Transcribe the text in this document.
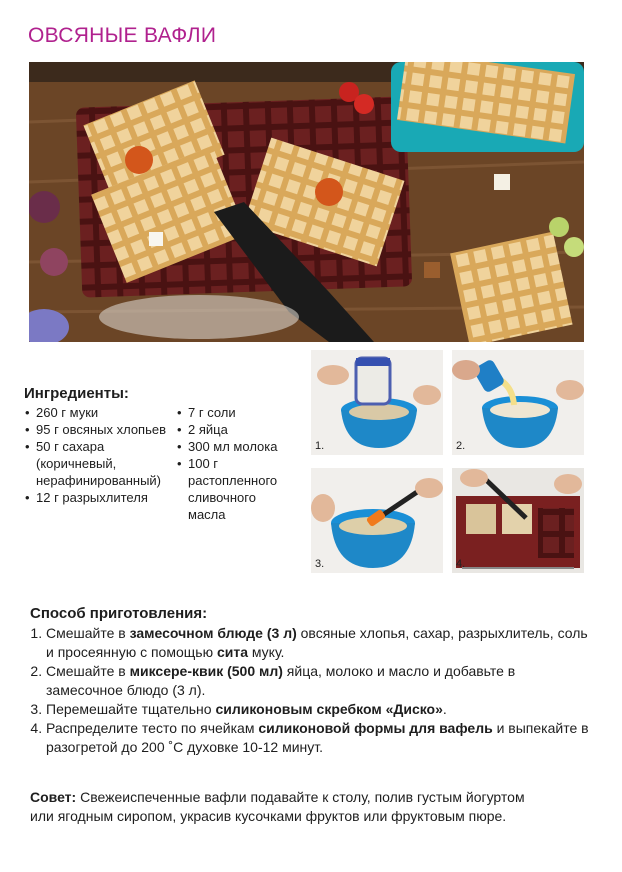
ОВСЯНЫЕ ВАФЛИ
Ингредиенты:
• 260 г муки
• 95 г овсяных хлопьев
• 50 г сахара (коричневый, нерафинированный)
• 12 г разрыхлителя
• 7 г соли
• 2 яйца
• 300 мл молока
• 100 г растопленного сливочного масла
1.	2.
3.	4.
Способ приготовления:
1. Смешайте в замесочном блюде (3 л) овсяные хлопья, сахар, разрыхлитель, соль и просеянную с помощью сита муку.
2. Смешайте в миксере-квик (500 мл) яйца, молоко и масло и добавьте в замесочное блюдо (3 л).
3. Перемешайте тщательно силиконовым скребком «Диско».
4. Распределите тесто по ячейкам силиконовой формы для вафель и выпекайте в разогретой до 200 ˚С духовке 10-12 минут.
Совет: Свежеиспеченные вафли подавайте к столу, полив густым йогуртом или ягодным сиропом, украсив кусочками фруктов или фруктовым пюре.
